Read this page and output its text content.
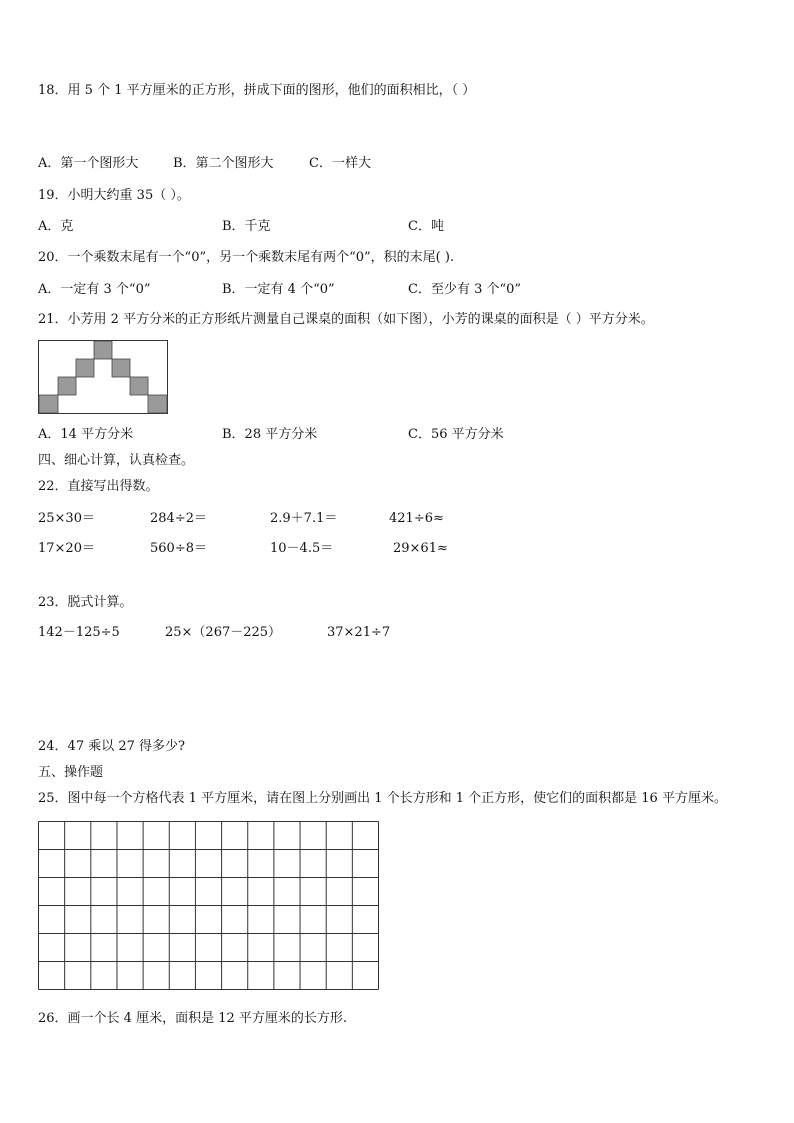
18．用 5 个 1 平方厘米的正方形，拼成下面的图形，他们的面积相比，（ ）
A．第一个图形大	B．第二个图形大	C．一样大
19．小明大约重 35（ ）。
A．克	B．千克	C．吨
20．一个乘数末尾有一个“0”，另一个乘数末尾有两个“0”，积的末尾( ).
A．一定有 3 个“0”	B．一定有 4 个“0”	C．至少有 3 个“0”
21．小芳用 2 平方分米的正方形纸片测量自己课桌的面积（如下图），小芳的课桌的面积是（ ）平方分米。
A．14 平方分米	B．28 平方分米	C．56 平方分米
四、细心计算，认真检查。
22．直接写出得数。
25×30＝	284÷2＝	2.9＋7.1＝	421÷6≈
17×20＝	560÷8＝	10－4.5＝	29×61≈
23．脱式计算。
142－125÷5	25×（267－225）	37×21÷7
24．47 乘以 27 得多少?
五、操作题
25．图中每一个方格代表 1 平方厘米，请在图上分别画出 1 个长方形和 1 个正方形，使它们的面积都是 16 平方厘米。
26．画一个长 4 厘米，面积是 12 平方厘米的长方形.
